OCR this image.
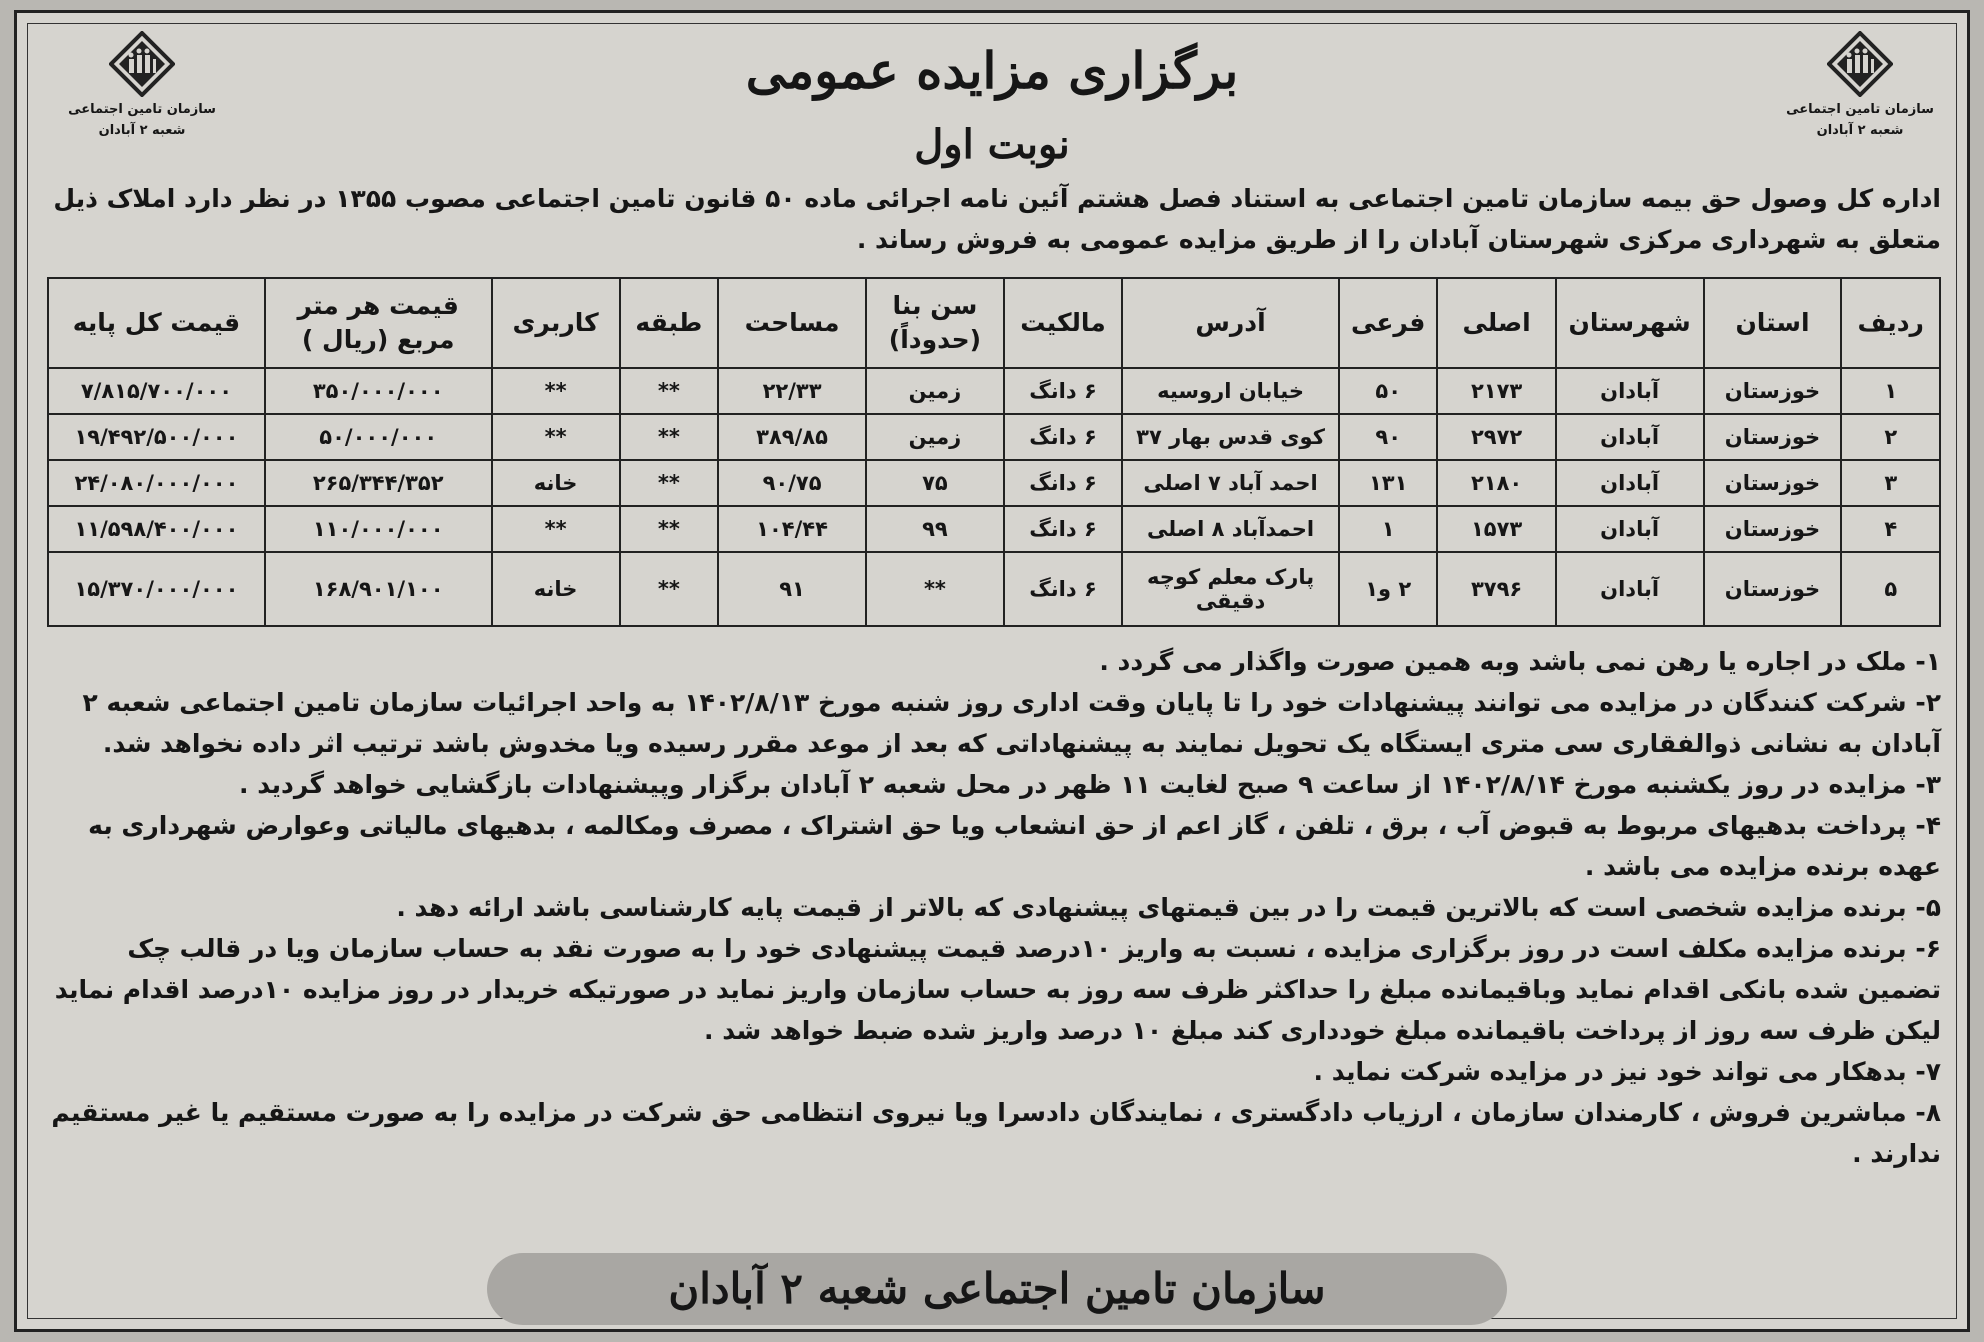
سازمان تامین اجتماعی
شعبه ۲ آبادان
سازمان تامین اجتماعی
شعبه ۲ آبادان
برگزاری مزایده عمومی
نوبت اول
اداره کل وصول حق بیمه سازمان تامین اجتماعی به استناد فصل هشتم آئین نامه اجرائی ماده ۵۰ قانون تامین اجتماعی مصوب ۱۳۵۵ در نظر دارد املاک ذیل متعلق به شهرداری مرکزی شهرستان آبادان را از طریق مزایده عمومی به فروش رساند .
ردیف	استان	شهرستان	اصلی	فرعی	آدرس	مالکیت	سن بنا (حدوداً)	مساحت	طبقه	کاربری	قیمت هر متر مربع (ریال )	قیمت کل پایه
۱	خوزستان	آبادان	۲۱۷۳	۵۰	خیابان اروسیه	۶ دانگ	زمین	۲۲/۳۳	**	**	۳۵۰/۰۰۰/۰۰۰	۷/۸۱۵/۷۰۰/۰۰۰
۲	خوزستان	آبادان	۲۹۷۲	۹۰	کوی قدس بهار ۳۷	۶ دانگ	زمین	۳۸۹/۸۵	**	**	۵۰/۰۰۰/۰۰۰	۱۹/۴۹۲/۵۰۰/۰۰۰
۳	خوزستان	آبادان	۲۱۸۰	۱۳۱	احمد آباد ۷ اصلی	۶ دانگ	۷۵	۹۰/۷۵	**	خانه	۲۶۵/۳۴۴/۳۵۲	۲۴/۰۸۰/۰۰۰/۰۰۰
۴	خوزستان	آبادان	۱۵۷۳	۱	احمدآباد ۸ اصلی	۶ دانگ	۹۹	۱۰۴/۴۴	**	**	۱۱۰/۰۰۰/۰۰۰	۱۱/۵۹۸/۴۰۰/۰۰۰
۵	خوزستان	آبادان	۳۷۹۶	۲ و۱	پارک معلم کوچه دقیقی	۶ دانگ	**	۹۱	**	خانه	۱۶۸/۹۰۱/۱۰۰	۱۵/۳۷۰/۰۰۰/۰۰۰

۱- ملک در اجاره یا رهن نمی باشد وبه همین صورت واگذار می گردد .

۲- شرکت کنندگان در مزایده می توانند پیشنهادات خود را تا پایان وقت اداری روز شنبه مورخ ۱۴۰۲/۸/۱۳ به واحد اجرائیات سازمان تامین اجتماعی شعبه ۲ آبادان به نشانی ذوالفقاری سی متری ایستگاه یک تحویل نمایند به پیشنهاداتی که بعد از موعد مقرر رسیده ویا مخدوش باشد ترتیب اثر داده نخواهد شد.

۳- مزایده در روز یکشنبه مورخ ۱۴۰۲/۸/۱۴ از ساعت ۹ صبح لغایت ۱۱ ظهر در محل شعبه ۲ آبادان برگزار وپیشنهادات بازگشایی خواهد گردید .

۴- پرداخت بدهیهای مربوط به قبوض آب ، برق ، تلفن ، گاز اعم از حق انشعاب ویا حق اشتراک ، مصرف ومکالمه ، بدهیهای مالیاتی وعوارض شهرداری به عهده برنده مزایده می باشد .

۵- برنده مزایده شخصی است که بالاترین قیمت را در بین قیمتهای پیشنهادی که بالاتر از قیمت پایه کارشناسی باشد ارائه دهد .

۶- برنده مزایده مکلف است در روز برگزاری مزایده ، نسبت به واریز ۱۰درصد قیمت پیشنهادی خود را به صورت نقد به حساب سازمان ویا در قالب چک تضمین شده بانکی اقدام نماید وباقیمانده مبلغ را حداکثر ظرف سه روز به حساب سازمان واریز نماید در صورتیکه خریدار در روز مزایده ۱۰درصد اقدام نماید لیکن ظرف سه روز از پرداخت باقیمانده مبلغ خودداری کند مبلغ ۱۰ درصد واریز شده ضبط خواهد شد .

۷- بدهکار می تواند خود نیز در مزایده شرکت نماید .

۸- مباشرین فروش ، کارمندان سازمان ، ارزیاب دادگستری ، نمایندگان دادسرا ویا نیروی انتظامی حق شرکت در مزایده را به صورت مستقیم یا غیر مستقیم ندارند .

سازمان تامین اجتماعی شعبه ۲ آبادان
